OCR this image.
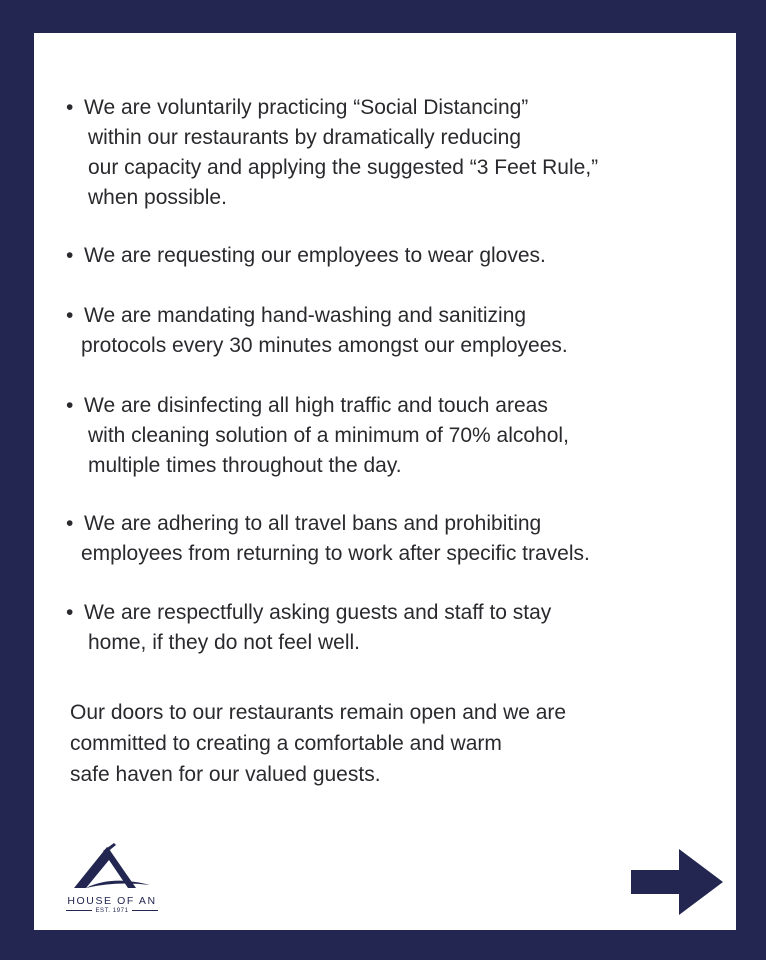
• We are voluntarily practicing “Social Distancing”
within our restaurants by dramatically reducing
our capacity and applying the suggested “3 Feet Rule,”
when possible.
• We are requesting our employees to wear gloves.
• We are mandating hand-washing and sanitizing
protocols every 30 minutes amongst our employees.
• We are disinfecting all high traffic and touch areas
with cleaning solution of a minimum of 70% alcohol,
multiple times throughout the day.
• We are adhering to all travel bans and prohibiting
employees from returning to work after specific travels.
• We are respectfully asking guests and staff to stay
home, if they do not feel well.
Our doors to our restaurants remain open and we are
committed to creating a comfortable and warm
safe haven for our valued guests.
HOUSE OF AN
EST. 1971
